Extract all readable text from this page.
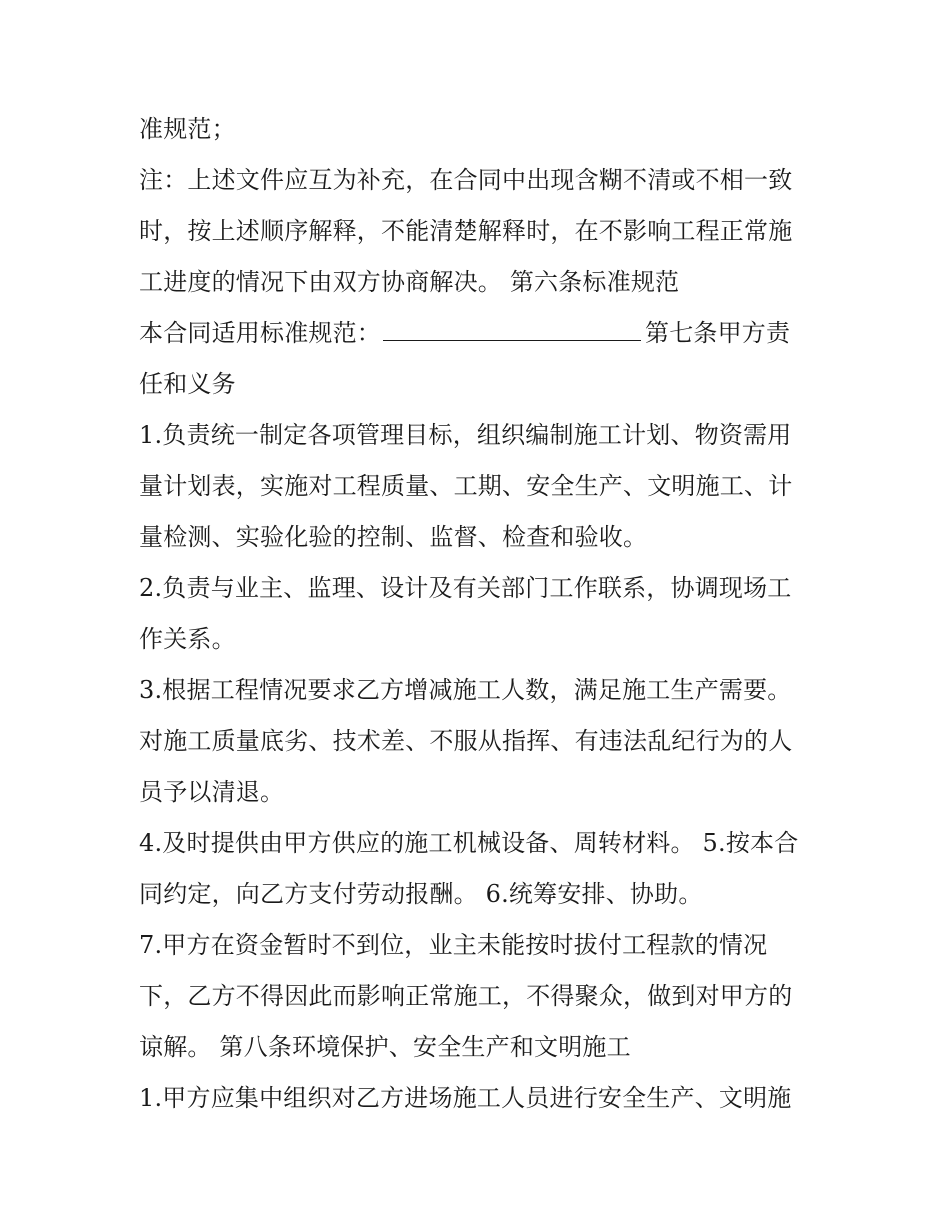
准规范；
注：上述文件应互为补充，在合同中出现含糊不清或不相一致
时，按上述顺序解释，不能清楚解释时，在不影响工程正常施
工进度的情况下由双方协商解决。 第六条标准规范
本合同适用标准规范：	第七条甲方责
任和义务
1.负责统一制定各项管理目标，组织编制施工计划、物资需用
量计划表，实施对工程质量、工期、安全生产、文明施工、计
量检测、实验化验的控制、监督、检查和验收。
2.负责与业主、监理、设计及有关部门工作联系，协调现场工
作关系。
3.根据工程情况要求乙方增减施工人数，满足施工生产需要。
对施工质量底劣、技术差、不服从指挥、有违法乱纪行为的人
员予以清退。
4.及时提供由甲方供应的施工机械设备、周转材料。 5.按本合
同约定，向乙方支付劳动报酬。 6.统筹安排、协助。
7.甲方在资金暂时不到位，业主未能按时拔付工程款的情况
下，乙方不得因此而影响正常施工，不得聚众，做到对甲方的
谅解。 第八条环境保护、安全生产和文明施工
1.甲方应集中组织对乙方进场施工人员进行安全生产、文明施
